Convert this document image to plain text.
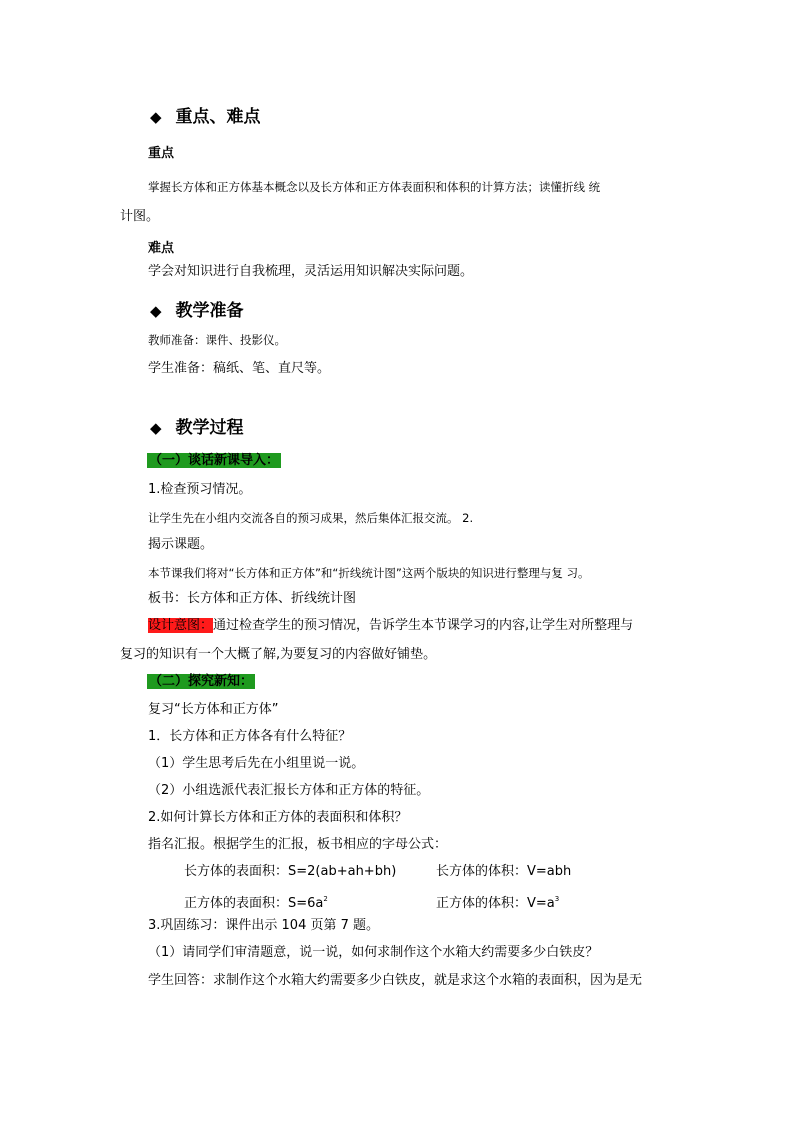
◆ 重点、难点
重点
掌握长方体和正方体基本概念以及长方体和正方体表面积和体积的计算方法；读懂折线 统
计图。
难点
学会对知识进行自我梳理，灵活运用知识解决实际问题。
◆ 教学准备
教师准备：课件、投影仪。
学生准备：稿纸、笔、直尺等。
◆ 教学过程
（一）谈话新课导入：
1.检查预习情况。
让学生先在小组内交流各自的预习成果，然后集体汇报交流。 2.
揭示课题。
本节课我们将对“长方体和正方体”和“折线统计图”这两个版块的知识进行整理与复 习。
板书：长方体和正方体、折线统计图
设计意图：通过检查学生的预习情况，告诉学生本节课学习的内容,让学生对所整理与
复习的知识有一个大概了解,为要复习的内容做好铺垫。
（二）探究新知：
复习“长方体和正方体”
1．长方体和正方体各有什么特征？
（1）学生思考后先在小组里说一说。
（2）小组选派代表汇报长方体和正方体的特征。
2.如何计算长方体和正方体的表面积和体积？
指名汇报。根据学生的汇报，板书相应的字母公式：
长方体的表面积：S=2(ab+ah+bh)	长方体的体积：V=abh
正方体的表面积：$S=6a^2$	正方体的体积：$V=a^3$
3.巩固练习：课件出示 104 页第 7 题。
（1）请同学们审清题意，说一说，如何求制作这个水箱大约需要多少白铁皮？
学生回答：求制作这个水箱大约需要多少白铁皮，就是求这个水箱的表面积，因为是无
